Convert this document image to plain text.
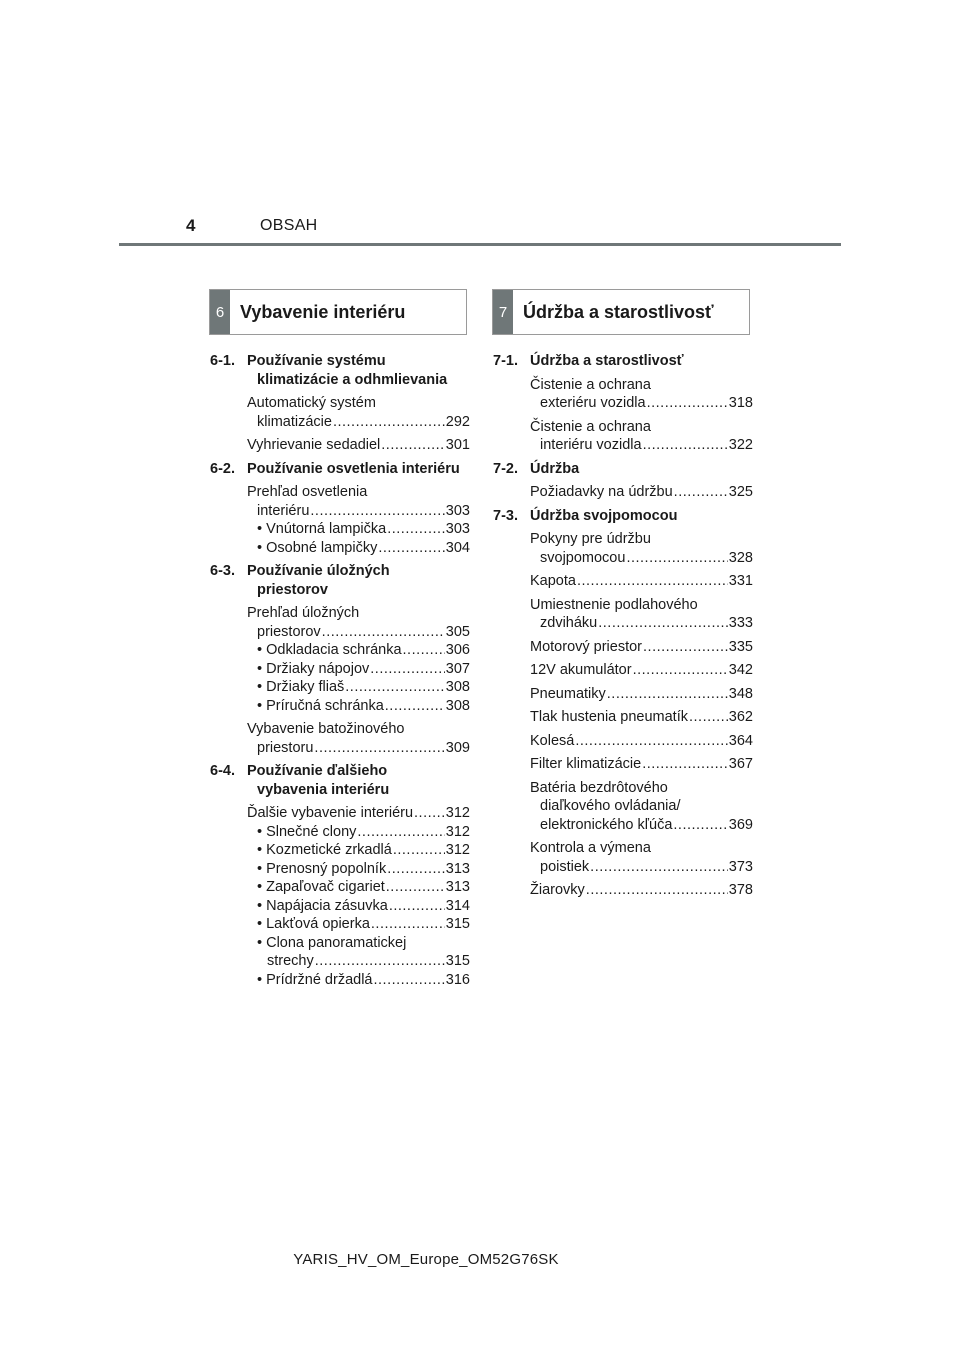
4	OBSAH
6 Vybavenie interiéru	7 Údržba a starostlivosť
6-1. Používanie systému
klimatizácie a odhmlievania
Automatický systém
klimatizácie .....	292
Vyhrievanie sedadiel .....	301
6-2. Používanie osvetlenia interiéru
Prehľad osvetlenia
interiéru .....	303
• Vnútorná lampička .....	303
• Osobné lampičky .....	304
6-3. Používanie úložných
priestorov
Prehľad úložných
priestorov .....	305
• Odkladacia schránka .....	306
• Držiaky nápojov .....	307
• Držiaky fliaš .....	308
• Príručná schránka .....	308
Vybavenie batožinového
priestoru .....	309
6-4. Používanie ďalšieho
vybavenia interiéru
Ďalšie vybavenie interiéru ..... 312
• Slnečné clony .....	312
• Kozmetické zrkadlá .....	312
• Prenosný popolník .....	313
• Zapaľovač cigariet .....	313
• Napájacia zásuvka .....	314
• Lakťová opierka .....	315
• Clona panoramatickej
strechy .....	315
• Prídržné držadlá .....	316
7-1. Údržba a starostlivosť
Čistenie a ochrana
exteriéru vozidla .....	318
Čistenie a ochrana
interiéru vozidla .....	322
7-2. Údržba
Požiadavky na údržbu .....	325
7-3. Údržba svojpomocou
Pokyny pre údržbu
svojpomocou .....	328
Kapota .....	331
Umiestnenie podlahového
zdviháku .....	333
Motorový priestor .....	335
12V akumulátor .....	342
Pneumatiky .....	348
Tlak hustenia pneumatík .....	362
Kolesá .....	364
Filter klimatizácie .....	367
Batéria bezdrôtového
diaľkového ovládania/
elektronického kľúča .....	369
Kontrola a výmena
poistiek .....	373
Žiarovky .....	378
YARIS_HV_OM_Europe_OM52G76SK
